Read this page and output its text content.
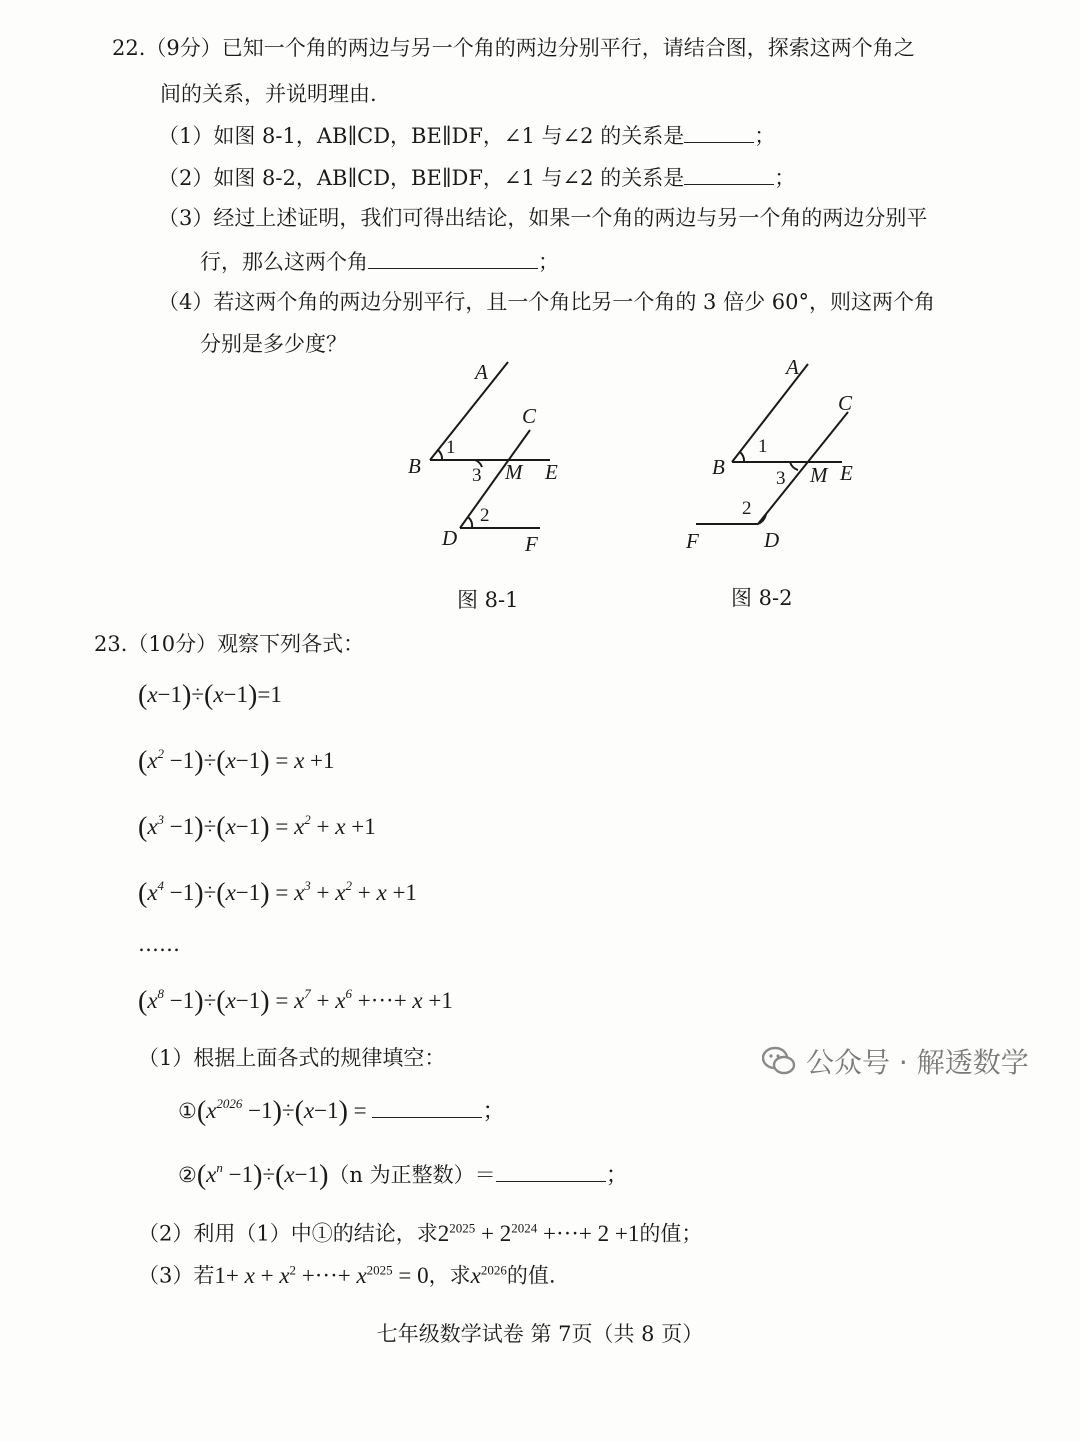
22.（9分）已知一个角的两边与另一个角的两边分别平行，请结合图，探索这两个角之
间的关系，并说明理由.
（1）如图 8-1，AB∥CD，BE∥DF，∠1 与∠2 的关系是	；
（2）如图 8-2，AB∥CD，BE∥DF，∠1 与∠2 的关系是	；
（3）经过上述证明，我们可得出结论，如果一个角的两边与另一个角的两边分别平
行，那么这两个角	；
（4）若这两个角的两边分别平行，且一个角比另一个角的 3 倍少 60°，则这两个角
分别是多少度？
A
B
C
D
E
F
M
1
2
3
图 8-1
A
B
C
D
E
F
M
1
2
3
图 8-2
23.（10分）观察下列各式：
(x−1)÷(x−1)=1
$(x^2 -1)\div(x-1) = x +1$
$(x^3 -1)\div(x-1) = x^2 + x +1$
$(x^4 -1)\div(x-1) = x^3 + x^2 + x +1$
……
$(x^8 -1)\div(x-1) = x^7 + x^6$ +···+ x +1
（1）根据上面各式的规律填空：
$①(x^{2026} -1)\div(x-1)$ =	；
$②(x^n -1)\div(x-1)(n$ 为正整数）＝	；
（2）利用（1）中①的结论，求$2^{2025} + 2^{2024}$ +···+ 2 +1的值；
（3）若$1+ x + x^2$ +···+ $x^{2025} = 0$，求$x^{2026}$的值.
七年级数学试卷 第 7页（共 8 页）
公众号 · 解透数学
